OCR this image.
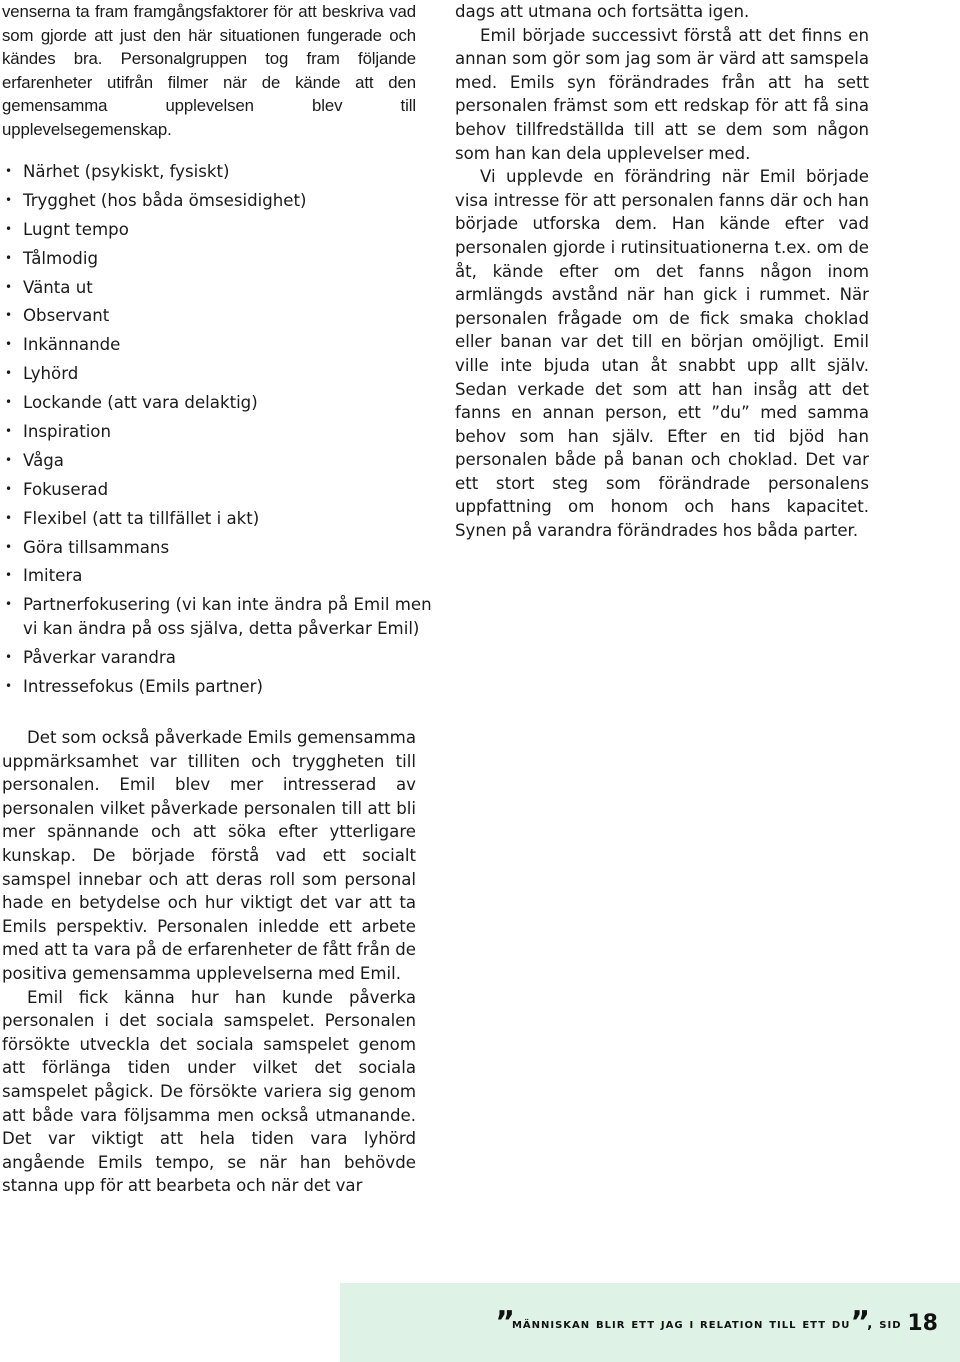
venserna ta fram framgångsfaktorer för att beskriva vad som gjorde att just den här situationen fungerade och kändes bra. Personalgruppen tog fram följande erfarenheter utifrån filmer när de kände att den gemensamma upplevelsen blev till upplevelsegemenskap.

• Närhet (psykiskt, fysiskt)
• Trygghet (hos båda ömsesidighet)
• Lugnt tempo
• Tålmodig
• Vänta ut
• Observant
• Inkännande
• Lyhörd
• Lockande (att vara delaktig)
• Inspiration
• Våga
• Fokuserad
• Flexibel (att ta tillfället i akt)
• Göra tillsammans
• Imitera
• Partnerfokusering (vi kan inte ändra på Emil men vi kan ändra på oss själva, detta påverkar Emil)
• Påverkar varandra
• Intressefokus (Emils partner)

Det som också påverkade Emils gemensamma uppmärksamhet var tilliten och tryggheten till personalen. Emil blev mer intresserad av personalen vilket påverkade personalen till att bli mer spännande och att söka efter ytterligare kunskap. De började förstå vad ett socialt samspel innebar och att deras roll som personal hade en betydelse och hur viktigt det var att ta Emils perspektiv. Personalen inledde ett arbete med att ta vara på de erfarenheter de fått från de positiva gemensamma upplevelserna med Emil.

Emil fick känna hur han kunde påverka personalen i det sociala samspelet. Personalen försökte utveckla det sociala samspelet genom att förlänga tiden under vilket det sociala samspelet pågick. De försökte variera sig genom att både vara följsamma men också utmanande. Det var viktigt att hela tiden vara lyhörd angående Emils tempo, se när han behövde stanna upp för att bearbeta och när det var

dags att utmana och fortsätta igen.

Emil började successivt förstå att det finns en annan som gör som jag som är värd att samspela med. Emils syn förändrades från att ha sett personalen främst som ett redskap för att få sina behov tillfredställda till att se dem som någon som han kan dela upplevelser med.

Vi upplevde en förändring när Emil började visa intresse för att personalen fanns där och han började utforska dem. Han kände efter vad personalen gjorde i rutinsituationerna t.ex. om de åt, kände efter om det fanns någon inom armlängds avstånd när han gick i rummet. När personalen frågade om de fick smaka choklad eller banan var det till en början omöjligt. Emil ville inte bjuda utan åt snabbt upp allt själv. Sedan verkade det som att han insåg att det fanns en annan person, ett ”du” med samma behov som han själv. Efter en tid bjöd han personalen både på banan och choklad. Det var ett stort steg som förändrade personalens uppfattning om honom och hans kapacitet. Synen på varandra förändrades hos båda parter.

”människan blir ett jag i relation till ett du”, sid 18
